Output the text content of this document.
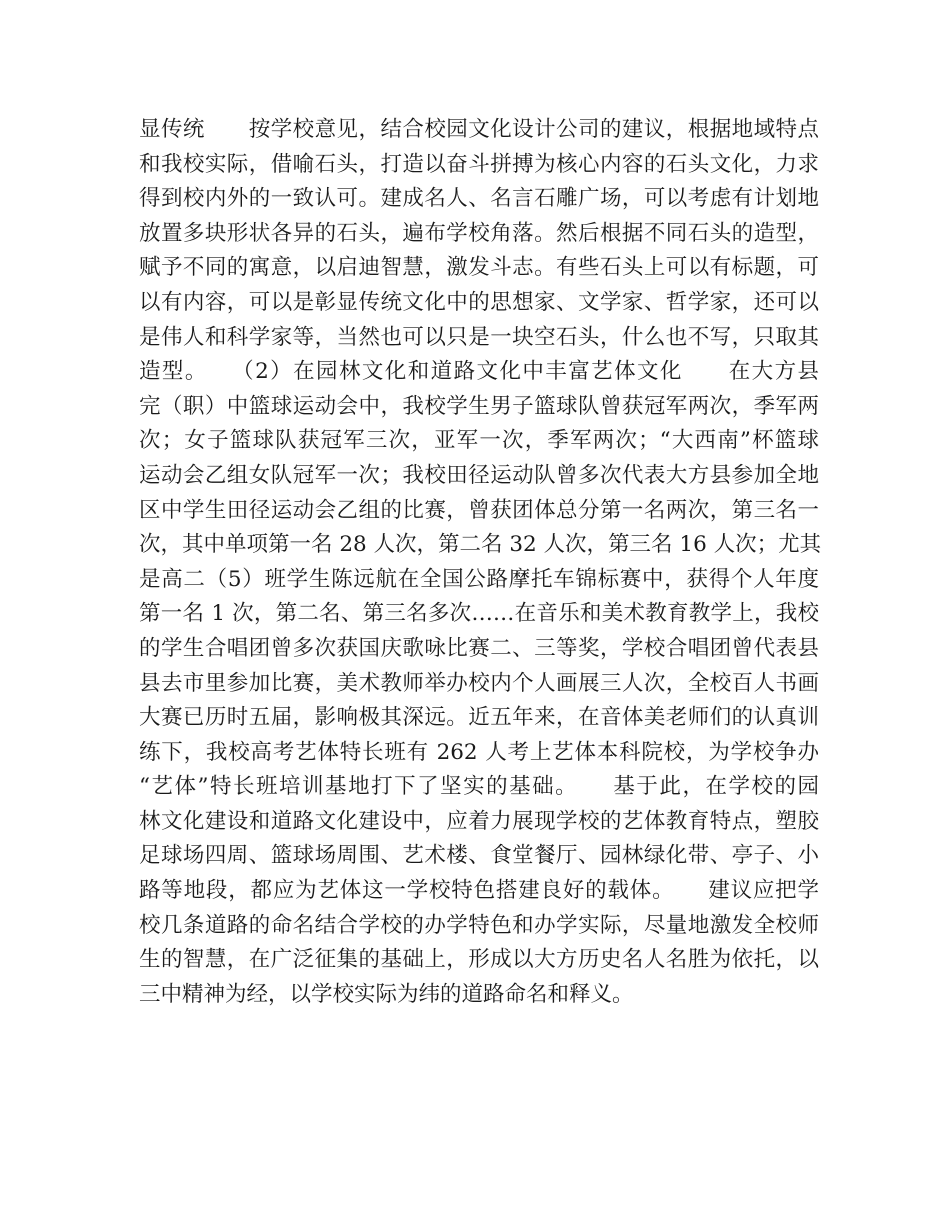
显传统　　按学校意见，结合校园文化设计公司的建议，根据地域特点
和我校实际，借喻石头，打造以奋斗拼搏为核心内容的石头文化，力求
得到校内外的一致认可。建成名人、名言石雕广场，可以考虑有计划地
放置多块形状各异的石头，遍布学校角落。然后根据不同石头的造型，
赋予不同的寓意，以启迪智慧，激发斗志。有些石头上可以有标题，可
以有内容，可以是彰显传统文化中的思想家、文学家、哲学家，还可以
是伟人和科学家等，当然也可以只是一块空石头，什么也不写，只取其
造型。　　（2）在园林文化和道路文化中丰富艺体文化　　在大方县
完（职）中篮球运动会中，我校学生男子篮球队曾获冠军两次，季军两
次；女子篮球队获冠军三次，亚军一次，季军两次；“大西南”杯篮球
运动会乙组女队冠军一次；我校田径运动队曾多次代表大方县参加全地
区中学生田径运动会乙组的比赛，曾获团体总分第一名两次，第三名一
次，其中单项第一名 28 人次，第二名 32 人次，第三名 16 人次；尤其
是高二（5）班学生陈远航在全国公路摩托车锦标赛中，获得个人年度
第一名 1 次，第二名、第三名多次……在音乐和美术教育教学上，我校
的学生合唱团曾多次获国庆歌咏比赛二、三等奖，学校合唱团曾代表县
县去市里参加比赛，美术教师举办校内个人画展三人次，全校百人书画
大赛已历时五届，影响极其深远。近五年来，在音体美老师们的认真训
练下，我校高考艺体特长班有 262 人考上艺体本科院校，为学校争办
“艺体”特长班培训基地打下了坚实的基础。　　基于此，在学校的园
林文化建设和道路文化建设中，应着力展现学校的艺体教育特点，塑胶
足球场四周、篮球场周围、艺术楼、食堂餐厅、园林绿化带、亭子、小
路等地段，都应为艺体这一学校特色搭建良好的载体。　　建议应把学
校几条道路的命名结合学校的办学特色和办学实际，尽量地激发全校师
生的智慧，在广泛征集的基础上，形成以大方历史名人名胜为依托，以
三中精神为经，以学校实际为纬的道路命名和释义。
